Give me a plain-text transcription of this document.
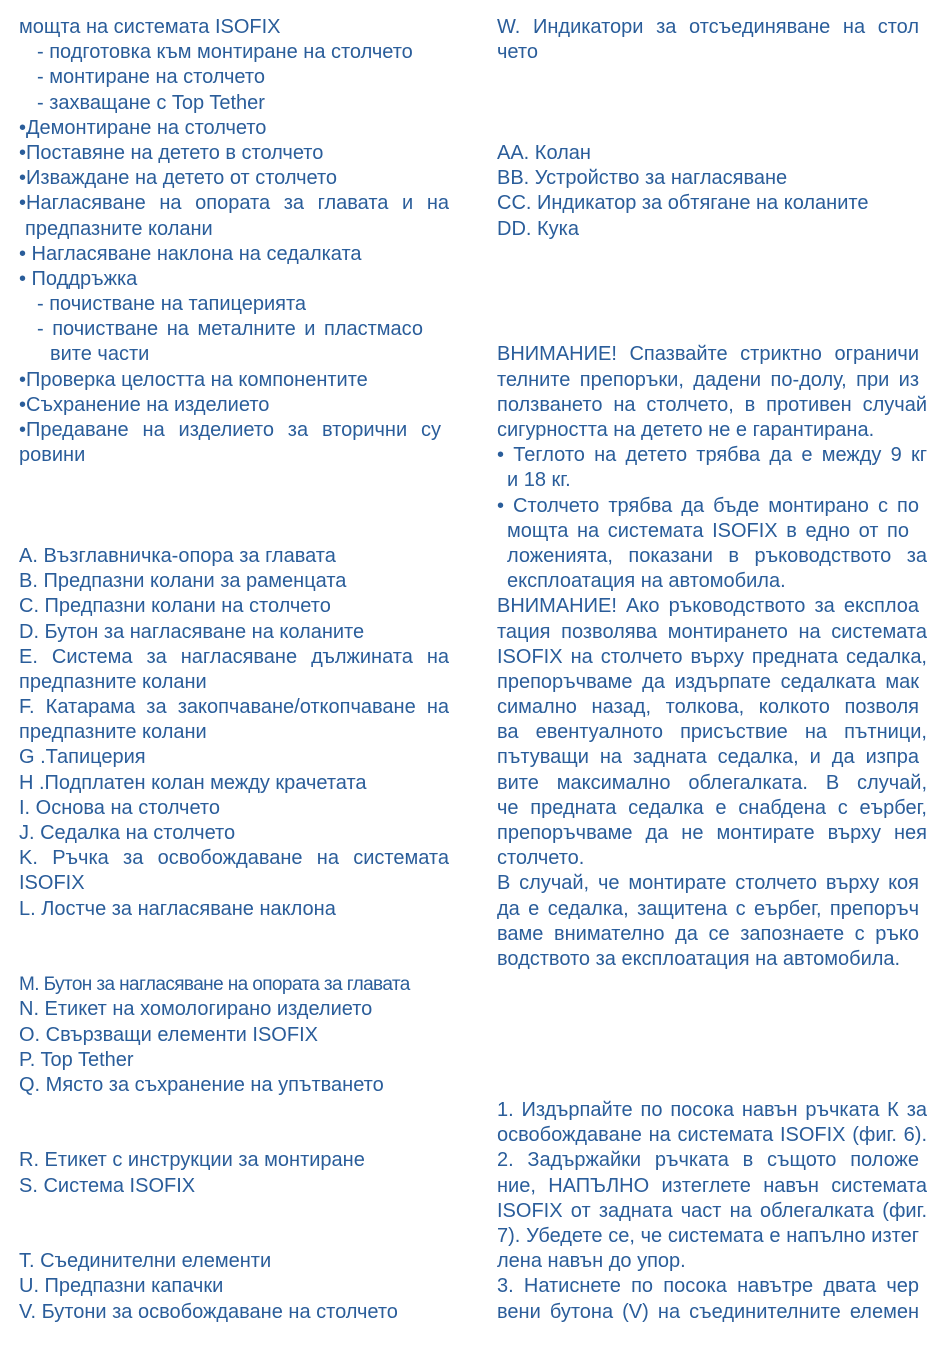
мощта на системата ISOFIX
- подготовка към монтиране на столчето
- монтиране на столчето
- захващане с Top Tether
•Демонтиране на столчето
•Поставяне на детето в столчето
•Изваждане на детето от столчето
•Нагласяване на опората за главата и на
предпазните колани
• Нагласяване наклона на седалката
• Поддръжка
- почистване на тапицерията
- почистване на металните и пластмасо
вите части
•Проверка целостта на компонентите
•Съхранение на изделието
•Предаване на изделието за вторични су
ровини
A. Възглавничка-опора за главата
B. Предпазни колани за раменцата
C. Предпазни колани на столчето
D. Бутон за нагласяване на коланите
E. Система за нагласяване дължината на
предпазните колани
F. Катарама за закопчаване/откопчаване на
предпазните колани
G .Тапицерия
H .Подплатен колан между крачетата
I. Основа на столчето
J. Седалка на столчето
K. Ръчка за освобождаване на системата
ISOFIX
L. Лостче за нагласяване наклона
M. Бутон за нагласяване на опората за главата
N. Етикет на хомологирано изделието
O. Свързващи елементи ISOFIX
P. Top Tether
Q. Място за съхранение на упътването
R. Етикет с инструкции за монтиране
S. Система ISOFIX
T. Съединителни елементи
U. Предпазни капачки
V. Бутони за освобождаване на столчето
W. Индикатори за отсъединяване на стол
чето
AA. Колан
BB. Устройство за нагласяване
CC. Индикатор за обтягане на коланите
DD. Кука
ВНИМАНИЕ! Спазвайте стриктно ограничи
телните препоръки, дадени по-долу, при из
ползването на столчето, в противен случай
сигурността на детето не е гарантирана.
• Теглото на детето трябва да е между 9 кг
и 18 кг.
• Столчето трябва да бъде монтирано с по
мощта на системата ISOFIX в едно от по
ложенията, показани в ръководството за
експлоатация на автомобила.
ВНИМАНИЕ! Ако ръководството за експлоа
тация позволява монтирането на системата
ISOFIX на столчето върху предната седалка,
препоръчваме да издърпате седалката мак
симално назад, толкова, колкото позволя
ва евентуалното присъствие на пътници,
пътуващи на задната седалка, и да изпра
вите максимално облегалката. В случай,
че предната седалка е снабдена с еърбег,
препоръчваме да не монтирате върху нея
столчето.
В случай, че монтирате столчето върху коя
да е седалка, защитена с еърбег, препоръч
ваме внимателно да се запознаете с ръко
водството за експлоатация на автомобила.
1. Издърпайте по посока навън ръчката К за
освобождаване на системата ISOFIX (фиг. 6).
2. Задържайки ръчката в същото положе
ние, НАПЪЛНО изтеглете навън системата
ISOFIX от задната част на облегалката (фиг.
7). Убедете се, че системата е напълно изтег
лена навън до упор.
3. Натиснете по посока навътре двата чер
вени бутона (V) на съединителните елемен
